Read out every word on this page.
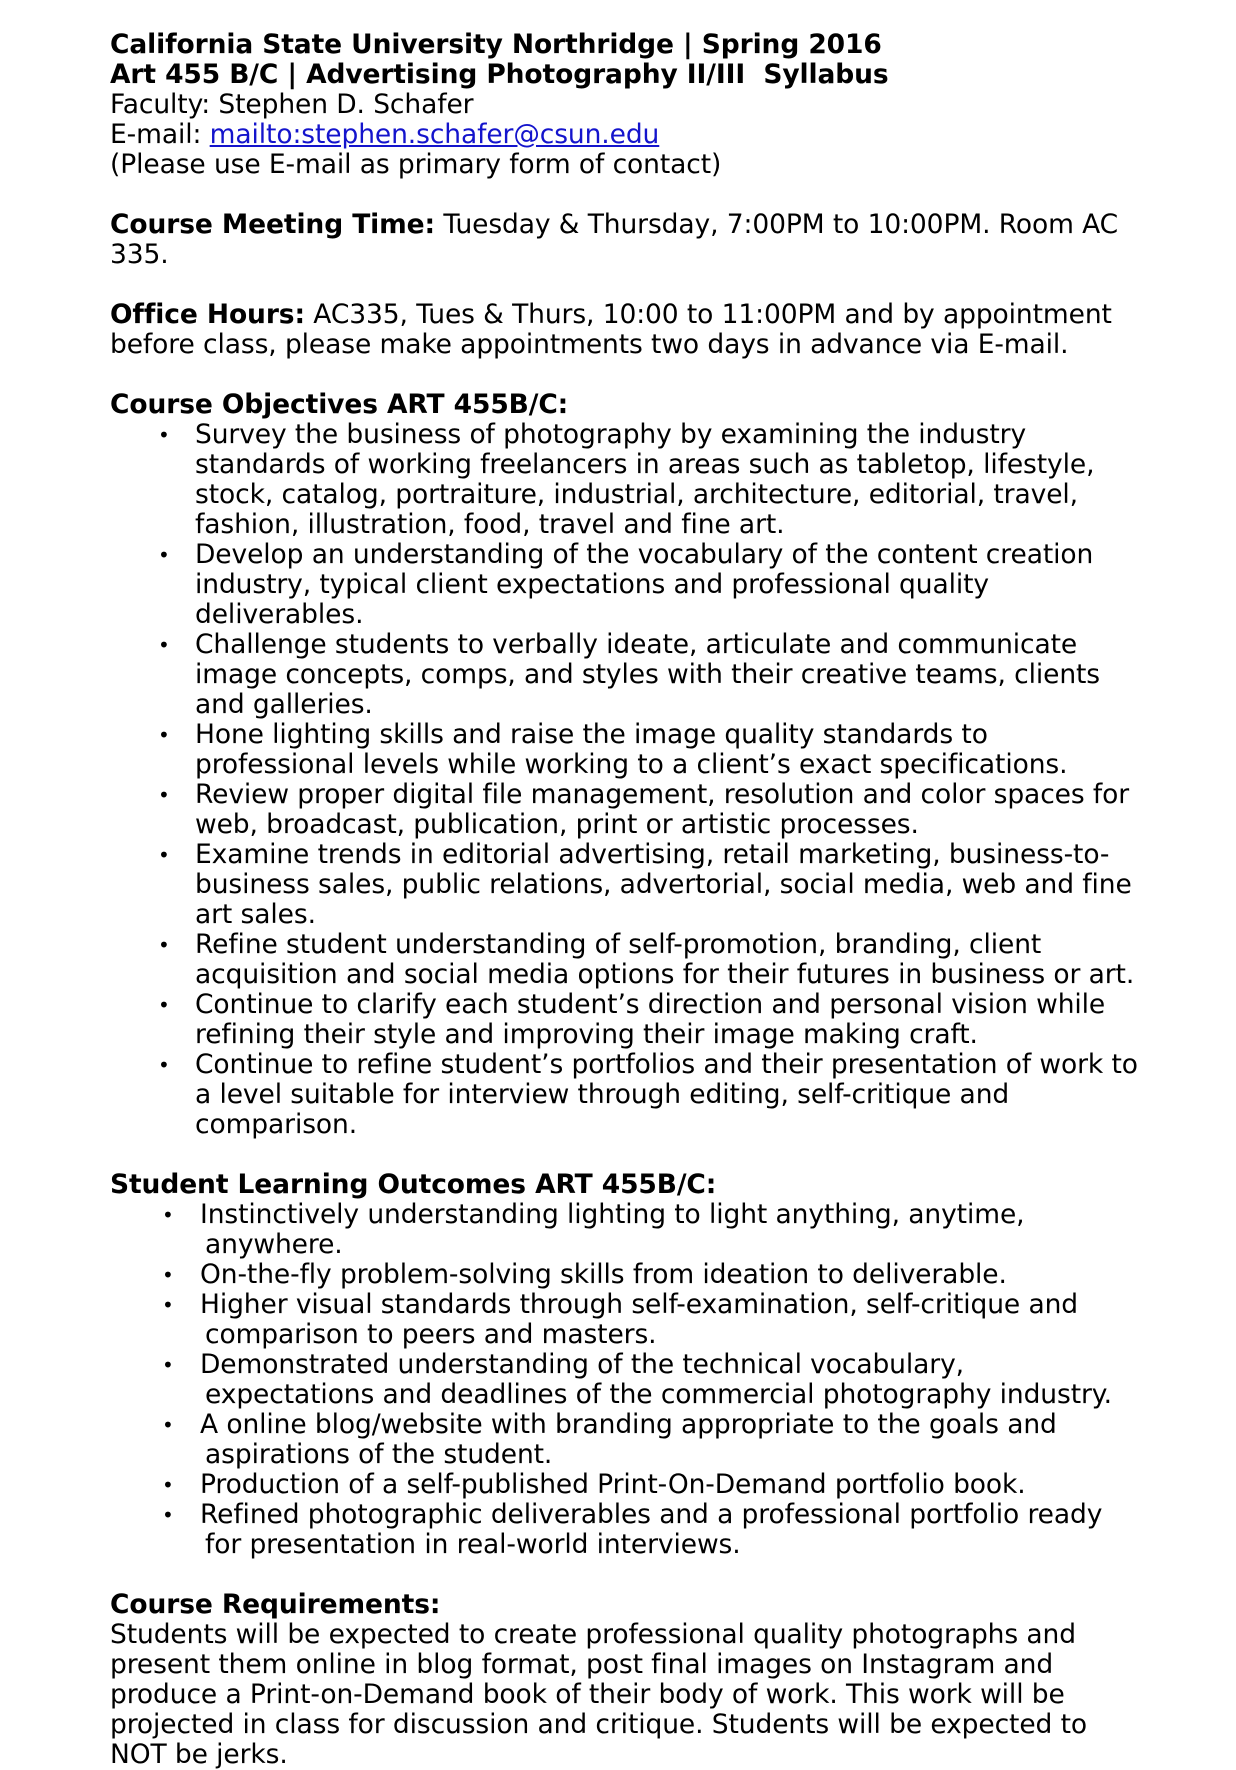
California State University Northridge | Spring 2016
Art 455 B/C | Advertising Photography II/III  Syllabus
Faculty: Stephen D. Schafer
E-mail: mailto:stephen.schafer@csun.edu
(Please use E-mail as primary form of contact)
Course Meeting Time: Tuesday & Thursday, 7:00PM to 10:00PM. Room AC 335.
Office Hours: AC335, Tues & Thurs, 10:00 to 11:00PM and by appointment before class, please make appointments two days in advance via E-mail.
Course Objectives ART 455B/C:
• Survey the business of photography by examining the industry standards of working freelancers in areas such as tabletop, lifestyle, stock, catalog, portraiture, industrial, architecture, editorial, travel, fashion, illustration, food, travel and fine art.
• Develop an understanding of the vocabulary of the content creation industry, typical client expectations and professional quality deliverables.
• Challenge students to verbally ideate, articulate and communicate image concepts, comps, and styles with their creative teams, clients and galleries.
• Hone lighting skills and raise the image quality standards to professional levels while working to a client’s exact specifications.
• Review proper digital file management, resolution and color spaces for web, broadcast, publication, print or artistic processes.
• Examine trends in editorial advertising, retail marketing, business-to-business sales, public relations, advertorial, social media, web and fine art sales.
• Refine student understanding of self-promotion, branding, client acquisition and social media options for their futures in business or art.
• Continue to clarify each student’s direction and personal vision while refining their style and improving their image making craft.
• Continue to refine student’s portfolios and their presentation of work to a level suitable for interview through editing, self-critique and comparison.
Student Learning Outcomes ART 455B/C:
• Instinctively understanding lighting to light anything, anytime, anywhere.
• On-the-fly problem-solving skills from ideation to deliverable.
• Higher visual standards through self-examination, self-critique and comparison to peers and masters.
• Demonstrated understanding of the technical vocabulary, expectations and deadlines of the commercial photography industry.
• A online blog/website with branding appropriate to the goals and aspirations of the student.
• Production of a self-published Print-On-Demand portfolio book.
• Refined photographic deliverables and a professional portfolio ready for presentation in real-world interviews.
Course Requirements:
Students will be expected to create professional quality photographs and present them online in blog format, post final images on Instagram and produce a Print-on-Demand book of their body of work. This work will be projected in class for discussion and critique. Students will be expected to NOT be jerks.
